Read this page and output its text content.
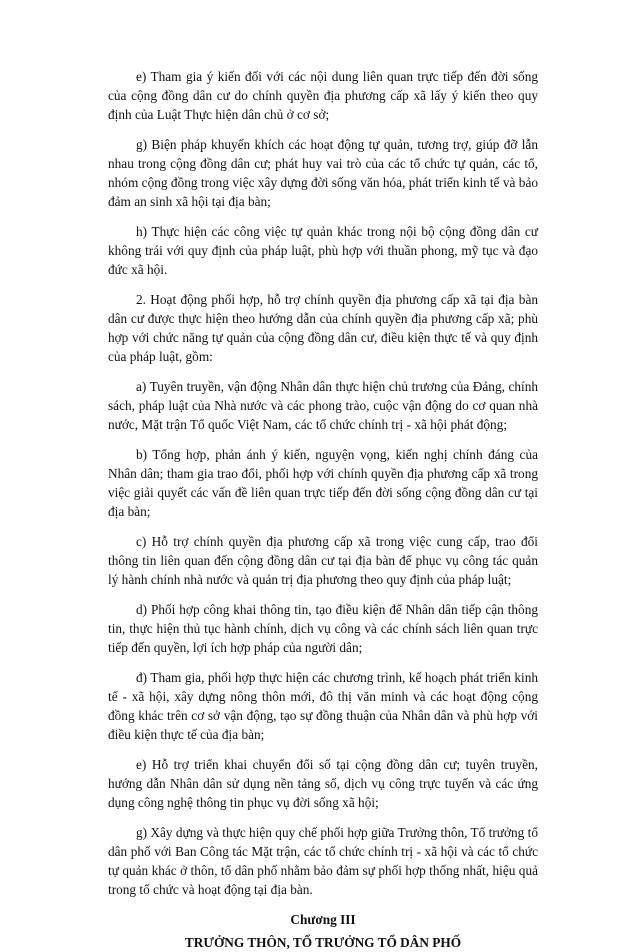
e) Tham gia ý kiến đối với các nội dung liên quan trực tiếp đến đời sống của cộng đồng dân cư do chính quyền địa phương cấp xã lấy ý kiến theo quy định của Luật Thực hiện dân chủ ở cơ sở;

g) Biện pháp khuyến khích các hoạt động tự quản, tương trợ, giúp đỡ lẫn nhau trong cộng đồng dân cư; phát huy vai trò của các tổ chức tự quản, các tổ, nhóm cộng đồng trong việc xây dựng đời sống văn hóa, phát triển kinh tế và bảo đảm an sinh xã hội tại địa bàn;

h) Thực hiện các công việc tự quản khác trong nội bộ cộng đồng dân cư không trái với quy định của pháp luật, phù hợp với thuần phong, mỹ tục và đạo đức xã hội.

2. Hoạt động phối hợp, hỗ trợ chính quyền địa phương cấp xã tại địa bàn dân cư được thực hiện theo hướng dẫn của chính quyền địa phương cấp xã; phù hợp với chức năng tự quản của cộng đồng dân cư, điều kiện thực tế và quy định của pháp luật, gồm:

a) Tuyên truyền, vận động Nhân dân thực hiện chủ trương của Đảng, chính sách, pháp luật của Nhà nước và các phong trào, cuộc vận động do cơ quan nhà nước, Mặt trận Tổ quốc Việt Nam, các tổ chức chính trị - xã hội phát động;

b) Tổng hợp, phản ánh ý kiến, nguyện vọng, kiến nghị chính đáng của Nhân dân; tham gia trao đổi, phối hợp với chính quyền địa phương cấp xã trong việc giải quyết các vấn đề liên quan trực tiếp đến đời sống cộng đồng dân cư tại địa bàn;

c) Hỗ trợ chính quyền địa phương cấp xã trong việc cung cấp, trao đổi thông tin liên quan đến cộng đồng dân cư tại địa bàn để phục vụ công tác quản lý hành chính nhà nước và quản trị địa phương theo quy định của pháp luật;

d) Phối hợp công khai thông tin, tạo điều kiện để Nhân dân tiếp cận thông tin, thực hiện thủ tục hành chính, dịch vụ công và các chính sách liên quan trực tiếp đến quyền, lợi ích hợp pháp của người dân;

đ) Tham gia, phối hợp thực hiện các chương trình, kế hoạch phát triển kinh tế - xã hội, xây dựng nông thôn mới, đô thị văn minh và các hoạt động cộng đồng khác trên cơ sở vận động, tạo sự đồng thuận của Nhân dân và phù hợp với điều kiện thực tế của địa bàn;

e) Hỗ trợ triển khai chuyển đổi số tại cộng đồng dân cư; tuyên truyền, hướng dẫn Nhân dân sử dụng nền tảng số, dịch vụ công trực tuyến và các ứng dụng công nghệ thông tin phục vụ đời sống xã hội;

g) Xây dựng và thực hiện quy chế phối hợp giữa Trưởng thôn, Tổ trưởng tổ dân phố với Ban Công tác Mặt trận, các tổ chức chính trị - xã hội và các tổ chức tự quản khác ở thôn, tổ dân phố nhằm bảo đảm sự phối hợp thống nhất, hiệu quả trong tổ chức và hoạt động tại địa bàn.

Chương III

TRƯỞNG THÔN, TỔ TRƯỞNG TỔ DÂN PHỐ
